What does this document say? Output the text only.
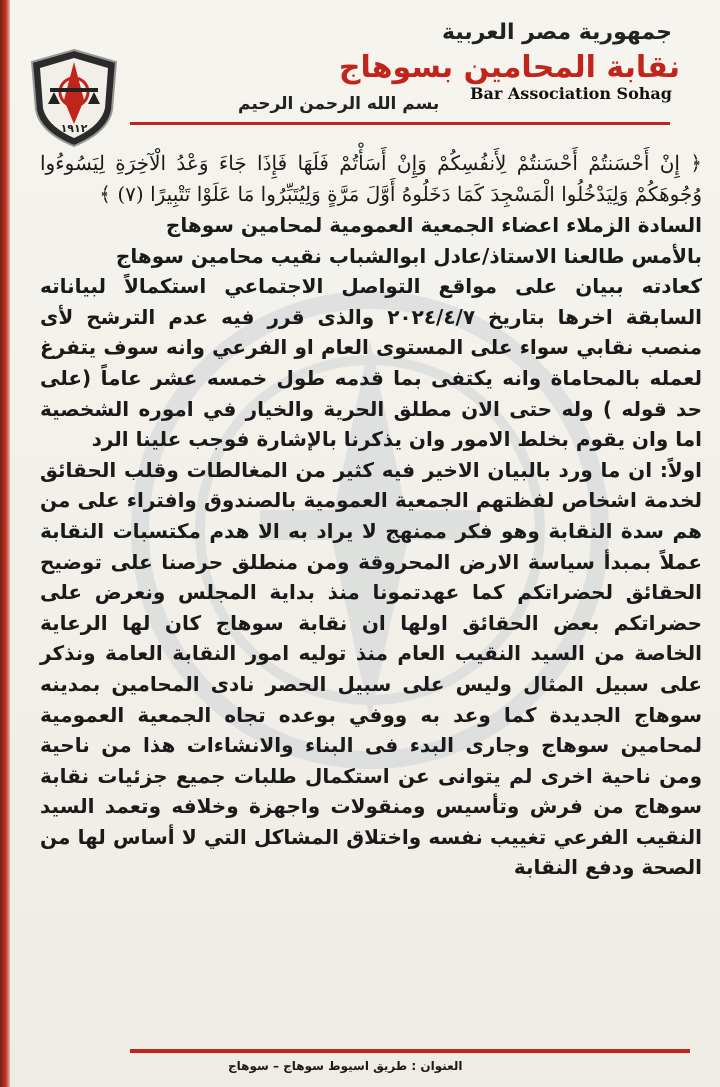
١٩١٢
جمهورية مصر العربية
نقابة المحامين بسوهاج
Bar Association Sohag
بسم الله الرحمن الرحيم

﴿ إِنْ أَحْسَنتُمْ أَحْسَنتُمْ لِأَنفُسِكُمْ وَإِنْ أَسَأْتُمْ فَلَهَا فَإِذَا جَاءَ وَعْدُ الْآخِرَةِ لِيَسُوءُوا وُجُوهَكُمْ وَلِيَدْخُلُوا الْمَسْجِدَ كَمَا دَخَلُوهُ أَوَّلَ مَرَّةٍ وَلِيُتَبِّرُوا مَا عَلَوْا تَتْبِيرًا (٧) ﴾

السادة الزملاء اعضاء الجمعية العمومية لمحامين سوهاج

بالأمس طالعنا الاستاذ/عادل ابوالشباب نقيب محامين سوهاج

كعادته ببيان على مواقع التواصل الاجتماعي استكمالاً لبياناته السابقة اخرها بتاريخ ٢٠٢٤/٤/٧ والذى قرر فيه عدم الترشح لأى منصب نقابي سواء على المستوى العام او الفرعي وانه سوف يتفرغ لعمله بالمحاماة وانه يكتفى بما قدمه طول خمسه عشر عاماً (على حد قوله ) وله حتى الان مطلق الحرية والخيار في اموره الشخصية اما وان يقوم بخلط الامور وان يذكرنا بالإشارة فوجب علينا الرد

اولاً: ان ما ورد بالبيان الاخير فيه كثير من المغالطات وقلب الحقائق لخدمة اشخاص لفظتهم الجمعية العمومية بالصندوق وافتراء على من هم سدة النقابة وهو فكر ممنهج لا يراد به الا هدم مكتسبات النقابة عملاً بمبدأ سياسة الارض المحروقة ومن منطلق حرصنا على توضيح الحقائق لحضراتكم كما عهدتمونا منذ بداية المجلس ونعرض على حضراتكم بعض الحقائق اولها ان نقابة سوهاج كان لها الرعاية الخاصة من السيد النقيب العام منذ توليه امور النقابة العامة ونذكر على سبيل المثال وليس على سبيل الحصر نادى المحامين بمدينه سوهاج الجديدة كما وعد به ووفي بوعده تجاه الجمعية العمومية لمحامين سوهاج وجارى البدء فى البناء والانشاءات هذا من ناحية ومن ناحية اخرى لم يتوانى عن استكمال طلبات جميع جزئيات نقابة سوهاج من فرش وتأسيس ومنقولات واجهزة وخلافه وتعمد السيد النقيب الفرعي تغييب نفسه واختلاق المشاكل التي لا أساس لها من الصحة ودفع النقابة

العنوان : طريق اسيوط سوهاج – سوهاج
